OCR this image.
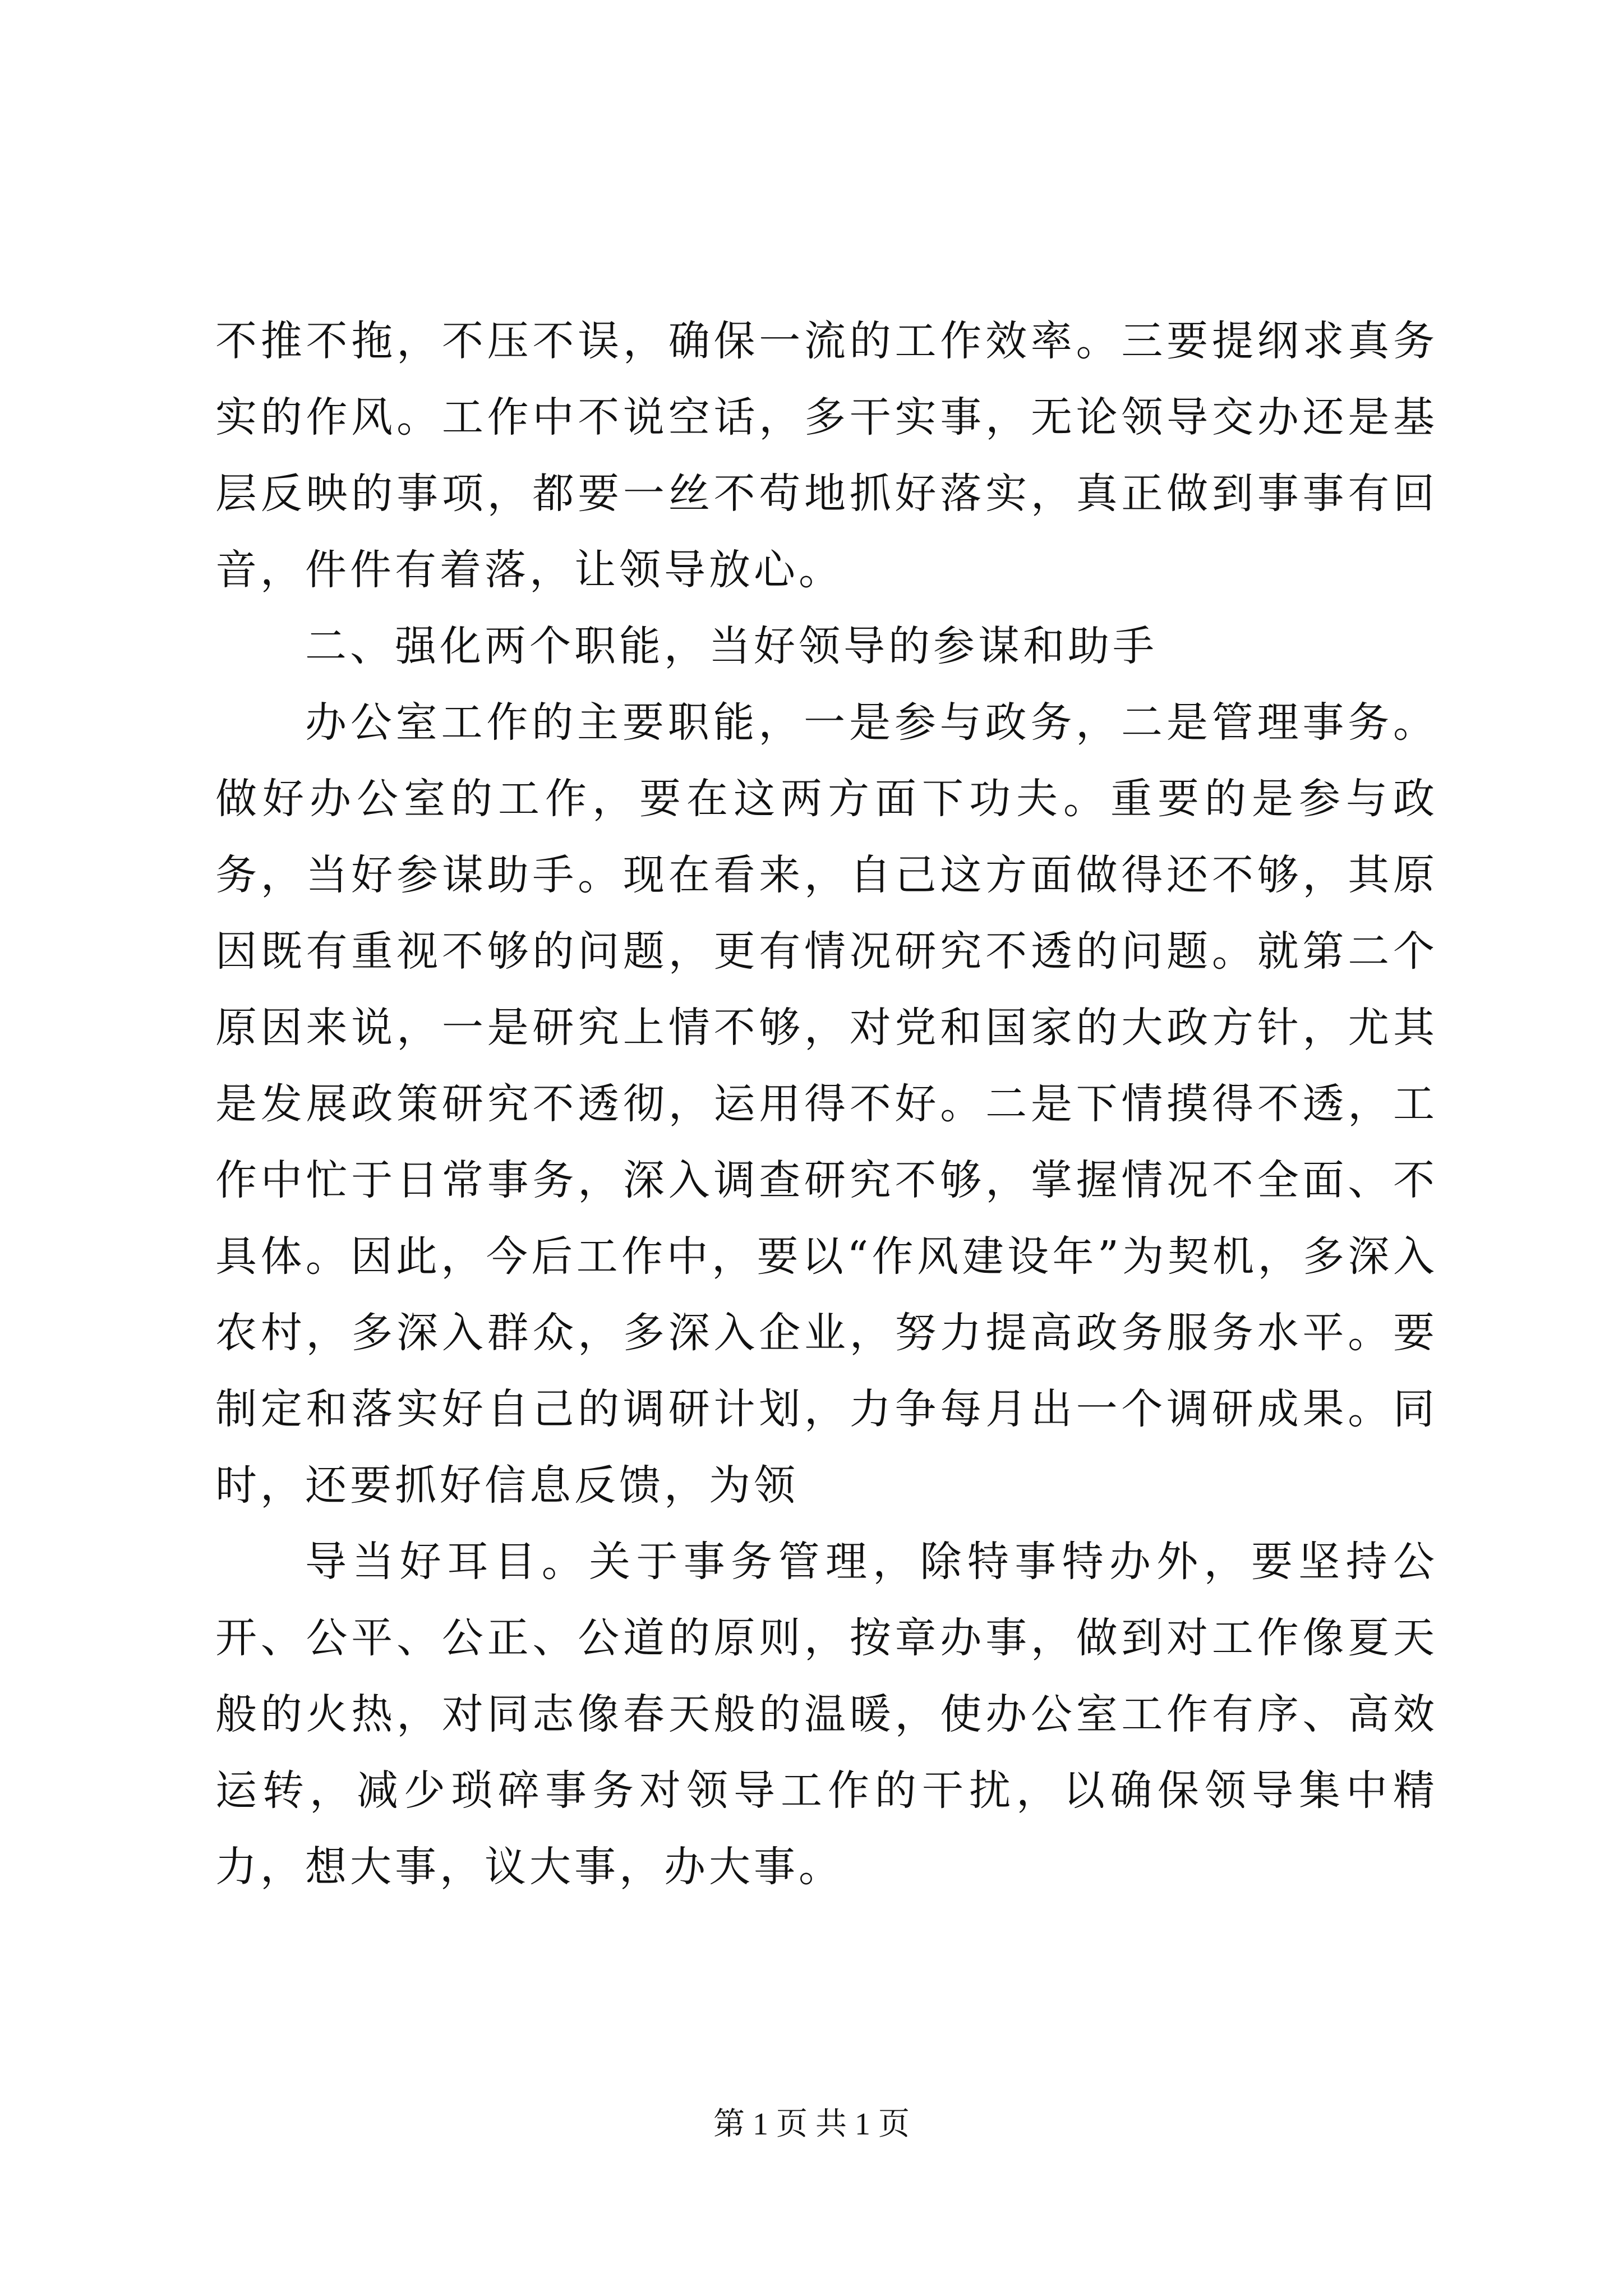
不推不拖，不压不误，确保一流的工作效率。三要提纲求真务实的作风。工作中不说空话，多干实事，无论领导交办还是基层反映的事项，都要一丝不苟地抓好落实，真正做到事事有回音，件件有着落，让领导放心。

二、强化两个职能，当好领导的参谋和助手

办公室工作的主要职能，一是参与政务，二是管理事务。做好办公室的工作，要在这两方面下功夫。重要的是参与政务，当好参谋助手。现在看来，自己这方面做得还不够，其原因既有重视不够的问题，更有情况研究不透的问题。就第二个原因来说，一是研究上情不够，对党和国家的大政方针，尤其是发展政策研究不透彻，运用得不好。二是下情摸得不透，工作中忙于日常事务，深入调查研究不够，掌握情况不全面、不具体。因此，今后工作中，要以“作风建设年”为契机，多深入农村，多深入群众，多深入企业，努力提高政务服务水平。要制定和落实好自己的调研计划，力争每月出一个调研成果。同时，还要抓好信息反馈，为领

导当好耳目。关于事务管理，除特事特办外，要坚持公开、公平、公正、公道的原则，按章办事，做到对工作像夏天般的火热，对同志像春天般的温暖，使办公室工作有序、高效运转，减少琐碎事务对领导工作的干扰，以确保领导集中精力，想大事，议大事，办大事。

第 1 页 共 1 页
